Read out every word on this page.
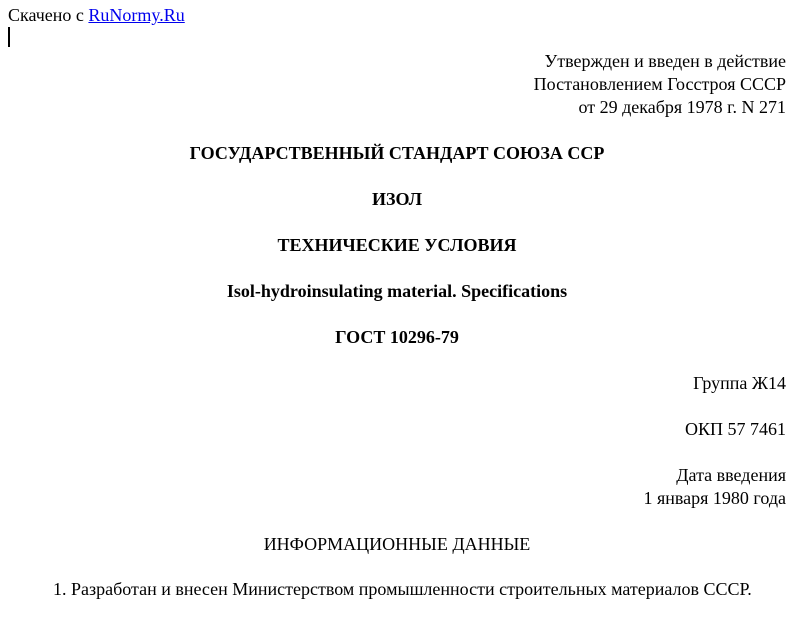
Скачено с RuNormy.Ru
Утвержден и введен в действие
Постановлением Госстроя СССР
от 29 декабря 1978 г. N 271
ГОСУДАРСТВЕННЫЙ СТАНДАРТ СОЮЗА ССР
ИЗОЛ
ТЕХНИЧЕСКИЕ УСЛОВИЯ
Isol-hydroinsulating material. Specifications
ГОСТ 10296-79
Группа Ж14
ОКП 57 7461
Дата введения
1 января 1980 года
ИНФОРМАЦИОННЫЕ ДАННЫЕ
1. Разработан и внесен Министерством промышленности строительных материалов СССР.
